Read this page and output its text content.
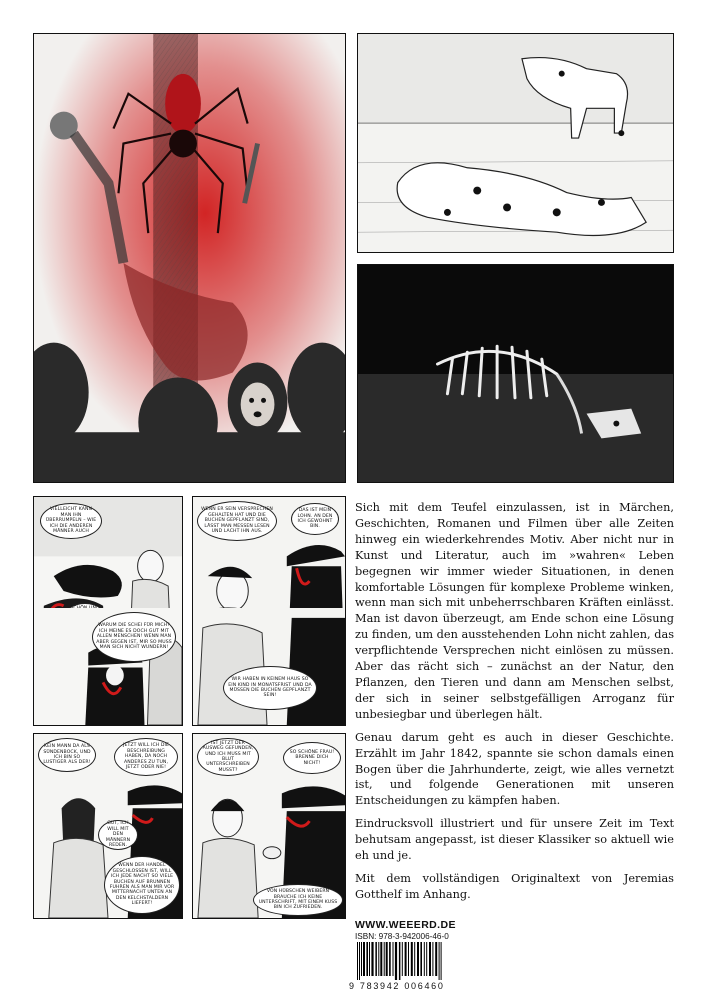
VIELLEICHT KANN MAN IHN ÜBERRUMPELN – WIE ICH DIE ANDEREN MÄNNER AUCH
WENN ER SEIN VERSPRECHEN GEHALTEN HAT UND DIE BUCHEN GEPFLANZT SIND, LÄSST MAN MESSEN LESEN UND LACHT IHN AUS.
DAS IST MEIN LOHN. AN DEN ICH GEWOHNT BIN.
KEIN MANN DA ALS SÜNDENBOCK, UND ICH BIN SO LUSTIGER ALS DER!
JETZT WILL ICH DIE BESCHREIBUNG HABEN, DA NOCH ANDERES ZU TUN, JETZT ODER NIE!
GUT, ICH WILL MIT DEN MÄNNERN REDEN.
WENN DER HANDEL GESCHLOSSEN IST, WILL ICH JEDE NACHT SO VIELE BUCHEN AUF BRUNNEN FUHREN ALS MAN MIR VOR MITTERNACHT UNTEN AN DEN KELCHSTALDERN LIEFERT!
IST JETZT DER AUSWEG GEFUNDEN, UND ICH MUSS MIT BLUT UNTERSCHREIBEN MUSST?
SO SCHÖNE FRAU! BRENNE DICH NICHT!
VON HÜBSCHEN WEIBERN BRAUCHE ICH KEINE UNTERSCHRIFT, MIT EINEM KUSS BIN ICH ZUFRIEDEN.
WARUM DIE SCHEI FÜR MICH? ICH MEINE ES DOCH GUT MIT ALLEN MENSCHEN! WENN MAN ABER GEGEN IST, MIR SO MUSS MAN SICH NICHT WUNDERN!
WIR HABEN IN KEINEM HAUS SO EIN KIND IN MONATSFRIST UND DA MÜSSEN DIE BUCHEN GEPFLANZT SEIN!

Sich mit dem Teufel einzulassen, ist in Märchen, Geschichten, Romanen und Filmen über alle Zeiten hinweg ein wiederkehrendes Motiv. Aber nicht nur in Kunst und Literatur, auch im »wahren« Leben begegnen wir immer wieder Situationen, in denen komfortable Lösungen für komplexe Probleme winken, wenn man sich mit unbeherrschbaren Kräften einlässt. Man ist davon überzeugt, am Ende schon eine Lösung zu finden, um den ausstehenden Lohn nicht zahlen, das verpflichtende Versprechen nicht einlösen zu müssen. Aber das rächt sich – zunächst an der Natur, den Pflanzen, den Tieren und dann am Menschen selbst, der sich in seiner selbstgefälligen Arroganz für unbesiegbar und überlegen hält.

Genau darum geht es auch in dieser Geschichte. Erzählt im Jahr 1842, spannte sie schon damals einen Bogen über die Jahrhunderte, zeigt, wie alles vernetzt ist, und folgende Generationen mit unseren Entscheidungen zu kämpfen haben.

Eindrucksvoll illustriert und für unsere Zeit im Text behutsam angepasst, ist dieser Klassiker so aktuell wie eh und je.

Mit dem vollständigen Originaltext von Jeremias Gotthelf im Anhang.

WWW.WEEERD.DE
ISBN: 978-3-942006-46-0
9 783942 006460
